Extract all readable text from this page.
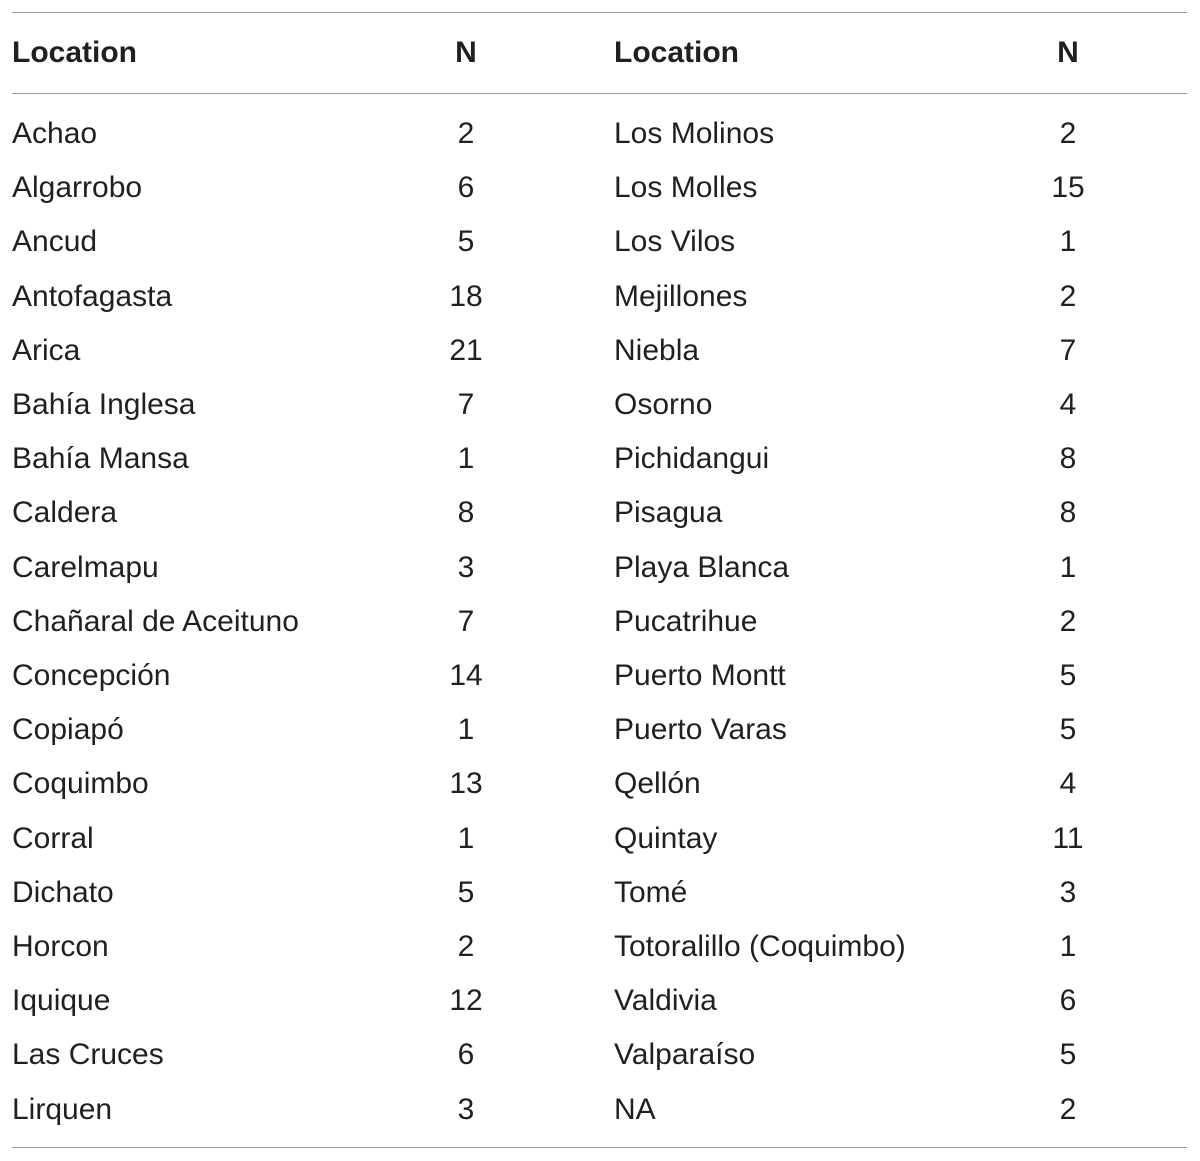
Location	N	Location	N
Achao	2	Los Molinos	2
Algarrobo	6	Los Molles	15
Ancud	5	Los Vilos	1
Antofagasta	18	Mejillones	2
Arica	21	Niebla	7
Bahía Inglesa	7	Osorno	4
Bahía Mansa	1	Pichidangui	8
Caldera	8	Pisagua	8
Carelmapu	3	Playa Blanca	1
Chañaral de Aceituno	7	Pucatrihue	2
Concepción	14	Puerto Montt	5
Copiapó	1	Puerto Varas	5
Coquimbo	13	Qellón	4
Corral	1	Quintay	11
Dichato	5	Tomé	3
Horcon	2	Totoralillo (Coquimbo)	1
Iquique	12	Valdivia	6
Las Cruces	6	Valparaíso	5
Lirquen	3	NA	2
